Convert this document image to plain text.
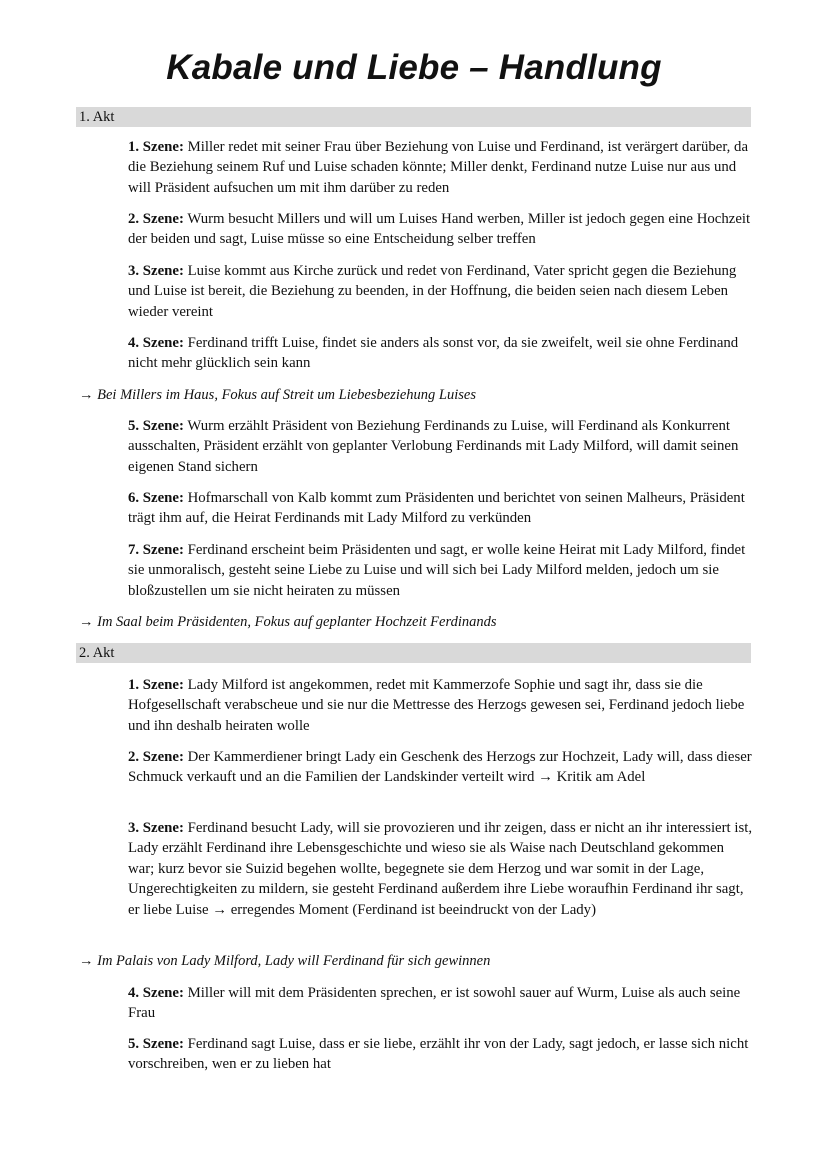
Kabale und Liebe – Handlung
1. Akt
1. Szene: Miller redet mit seiner Frau über Beziehung von Luise und Ferdinand, ist verärgert darüber, da die Beziehung seinem Ruf und Luise schaden könnte; Miller denkt, Ferdinand nutze Luise nur aus und will Präsident aufsuchen um mit ihm darüber zu reden
2. Szene: Wurm besucht Millers und will um Luises Hand werben, Miller ist jedoch gegen eine Hochzeit der beiden und sagt, Luise müsse so eine Entscheidung selber treffen
3. Szene: Luise kommt aus Kirche zurück und redet von Ferdinand, Vater spricht gegen die Beziehung und Luise ist bereit, die Beziehung zu beenden, in der Hoffnung, die beiden seien nach diesem Leben wieder vereint
4. Szene: Ferdinand trifft Luise, findet sie anders als sonst vor, da sie zweifelt, weil sie ohne Ferdinand nicht mehr glücklich sein kann
→ Bei Millers im Haus, Fokus auf Streit um Liebesbeziehung Luises
5. Szene: Wurm erzählt Präsident von Beziehung Ferdinands zu Luise, will Ferdinand als Konkurrent ausschalten, Präsident erzählt von geplanter Verlobung Ferdinands mit Lady Milford, will damit seinen eigenen Stand sichern
6. Szene: Hofmarschall von Kalb kommt zum Präsidenten und berichtet von seinen Malheurs, Präsident trägt ihm auf, die Heirat Ferdinands mit Lady Milford zu verkünden
7. Szene: Ferdinand erscheint beim Präsidenten und sagt, er wolle keine Heirat mit Lady Milford, findet sie unmoralisch, gesteht seine Liebe zu Luise und will sich bei Lady Milford melden, jedoch um sie bloßzustellen um sie nicht heiraten zu müssen
→ Im Saal beim Präsidenten, Fokus auf geplanter Hochzeit Ferdinands
2. Akt
1. Szene: Lady Milford ist angekommen, redet mit Kammerzofe Sophie und sagt ihr, dass sie die Hofgesellschaft verabscheue und sie nur die Mettresse des Herzogs gewesen sei, Ferdinand jedoch liebe und ihn deshalb heiraten wolle
2. Szene: Der Kammerdiener bringt Lady ein Geschenk des Herzogs zur Hochzeit, Lady will, dass dieser Schmuck verkauft und an die Familien der Landskinder verteilt wird → Kritik am Adel
3. Szene: Ferdinand besucht Lady, will sie provozieren und ihr zeigen, dass er nicht an ihr interessiert ist, Lady erzählt Ferdinand ihre Lebensgeschichte und wieso sie als Waise nach Deutschland gekommen war; kurz bevor sie Suizid begehen wollte, begegnete sie dem Herzog und war somit in der Lage, Ungerechtigkeiten zu mildern, sie gesteht Ferdinand außerdem ihre Liebe woraufhin Ferdinand ihr sagt, er liebe Luise → erregendes Moment (Ferdinand ist beeindruckt von der Lady)
→ Im Palais von Lady Milford, Lady will Ferdinand für sich gewinnen
4. Szene: Miller will mit dem Präsidenten sprechen, er ist sowohl sauer auf Wurm, Luise als auch seine Frau
5. Szene: Ferdinand sagt Luise, dass er sie liebe, erzählt ihr von der Lady, sagt jedoch, er lasse sich nicht vorschreiben, wen er zu lieben hat
